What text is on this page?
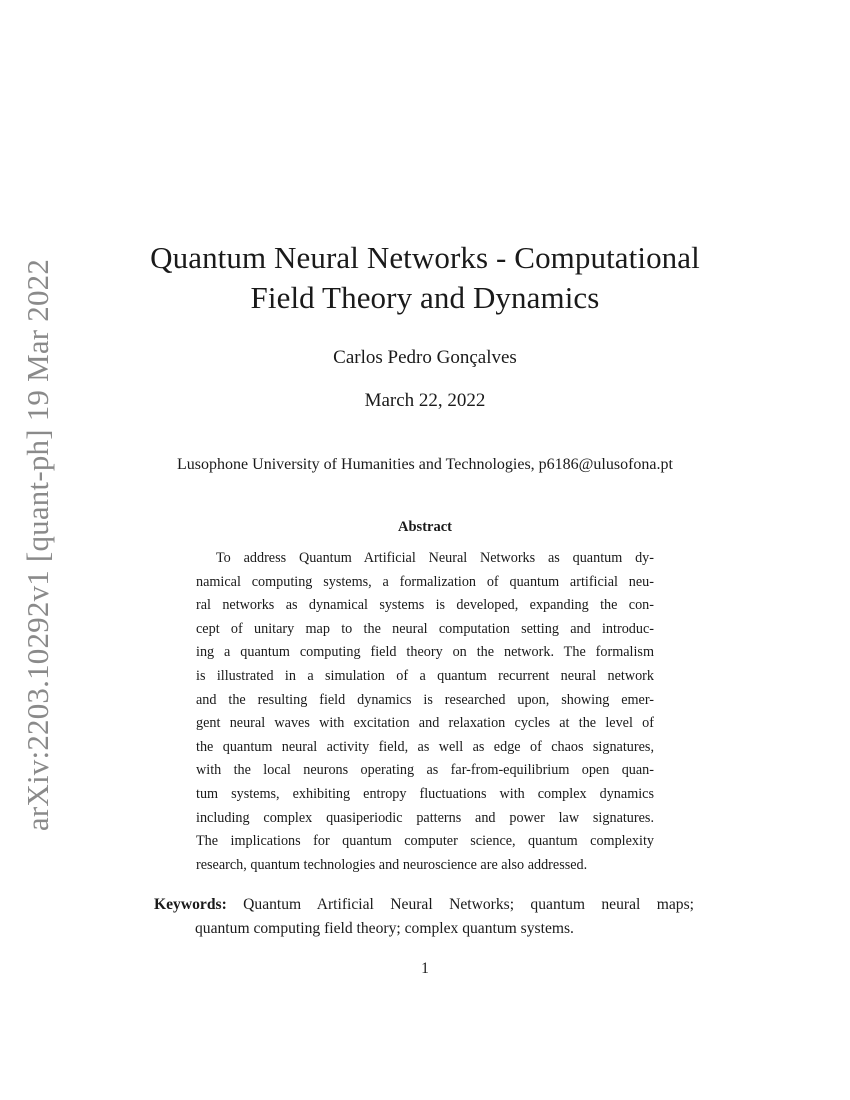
arXiv:2203.10292v1 [quant-ph] 19 Mar 2022
Quantum Neural Networks - Computational
Field Theory and Dynamics
Carlos Pedro Gonçalves
March 22, 2022
Lusophone University of Humanities and Technologies, p6186@ulusofona.pt
Abstract
To address Quantum Artificial Neural Networks as quantum dy-
namical computing systems, a formalization of quantum artificial neu-
ral networks as dynamical systems is developed, expanding the con-
cept of unitary map to the neural computation setting and introduc-
ing a quantum computing field theory on the network. The formalism
is illustrated in a simulation of a quantum recurrent neural network
and the resulting field dynamics is researched upon, showing emer-
gent neural waves with excitation and relaxation cycles at the level of
the quantum neural activity field, as well as edge of chaos signatures,
with the local neurons operating as far-from-equilibrium open quan-
tum systems, exhibiting entropy fluctuations with complex dynamics
including complex quasiperiodic patterns and power law signatures.
The implications for quantum computer science, quantum complexity
research, quantum technologies and neuroscience are also addressed.
Keywords: Quantum Artificial Neural Networks; quantum neural maps;
quantum computing field theory; complex quantum systems.
1
